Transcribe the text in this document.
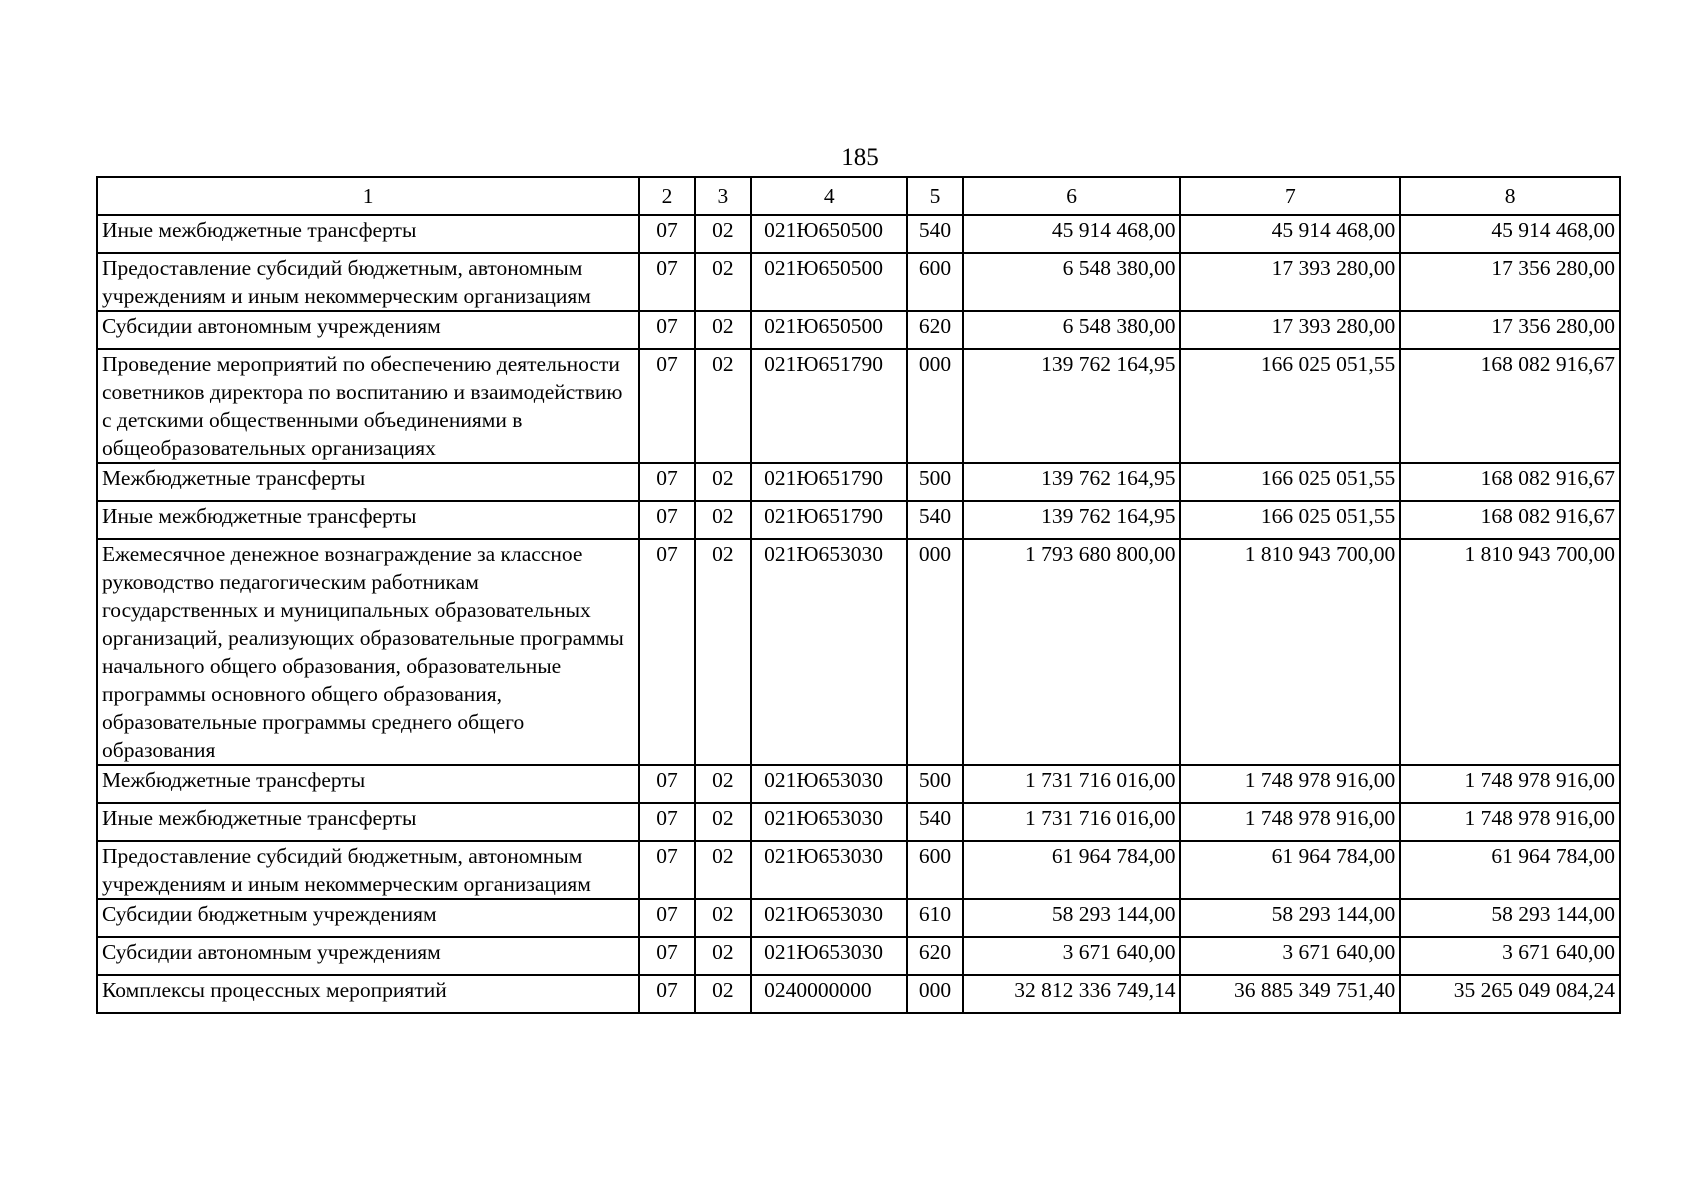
185
1	2	3	4	5	6	7	8
Иные межбюджетные трансферты	07	02	021Ю650500	540	45 914 468,00	45 914 468,00	45 914 468,00
Предоставление субсидий бюджетным, автономным учреждениям и иным некоммерческим организациям	07	02	021Ю650500	600	6 548 380,00	17 393 280,00	17 356 280,00
Субсидии автономным учреждениям	07	02	021Ю650500	620	6 548 380,00	17 393 280,00	17 356 280,00
Проведение мероприятий по обеспечению деятельности советников директора по воспитанию и взаимодействию с детскими общественными объединениями в общеобразовательных организациях	07	02	021Ю651790	000	139 762 164,95	166 025 051,55	168 082 916,67
Межбюджетные трансферты	07	02	021Ю651790	500	139 762 164,95	166 025 051,55	168 082 916,67
Иные межбюджетные трансферты	07	02	021Ю651790	540	139 762 164,95	166 025 051,55	168 082 916,67
Ежемесячное денежное вознаграждение за классное руководство педагогическим работникам государственных и муниципальных образовательных организаций, реализующих образовательные программы начального общего образования, образовательные программы основного общего образования, образовательные программы среднего общего образования	07	02	021Ю653030	000	1 793 680 800,00	1 810 943 700,00	1 810 943 700,00
Межбюджетные трансферты	07	02	021Ю653030	500	1 731 716 016,00	1 748 978 916,00	1 748 978 916,00
Иные межбюджетные трансферты	07	02	021Ю653030	540	1 731 716 016,00	1 748 978 916,00	1 748 978 916,00
Предоставление субсидий бюджетным, автономным учреждениям и иным некоммерческим организациям	07	02	021Ю653030	600	61 964 784,00	61 964 784,00	61 964 784,00
Субсидии бюджетным учреждениям	07	02	021Ю653030	610	58 293 144,00	58 293 144,00	58 293 144,00
Субсидии автономным учреждениям	07	02	021Ю653030	620	3 671 640,00	3 671 640,00	3 671 640,00
Комплексы процессных мероприятий	07	02	0240000000	000	32 812 336 749,14	36 885 349 751,40	35 265 049 084,24
